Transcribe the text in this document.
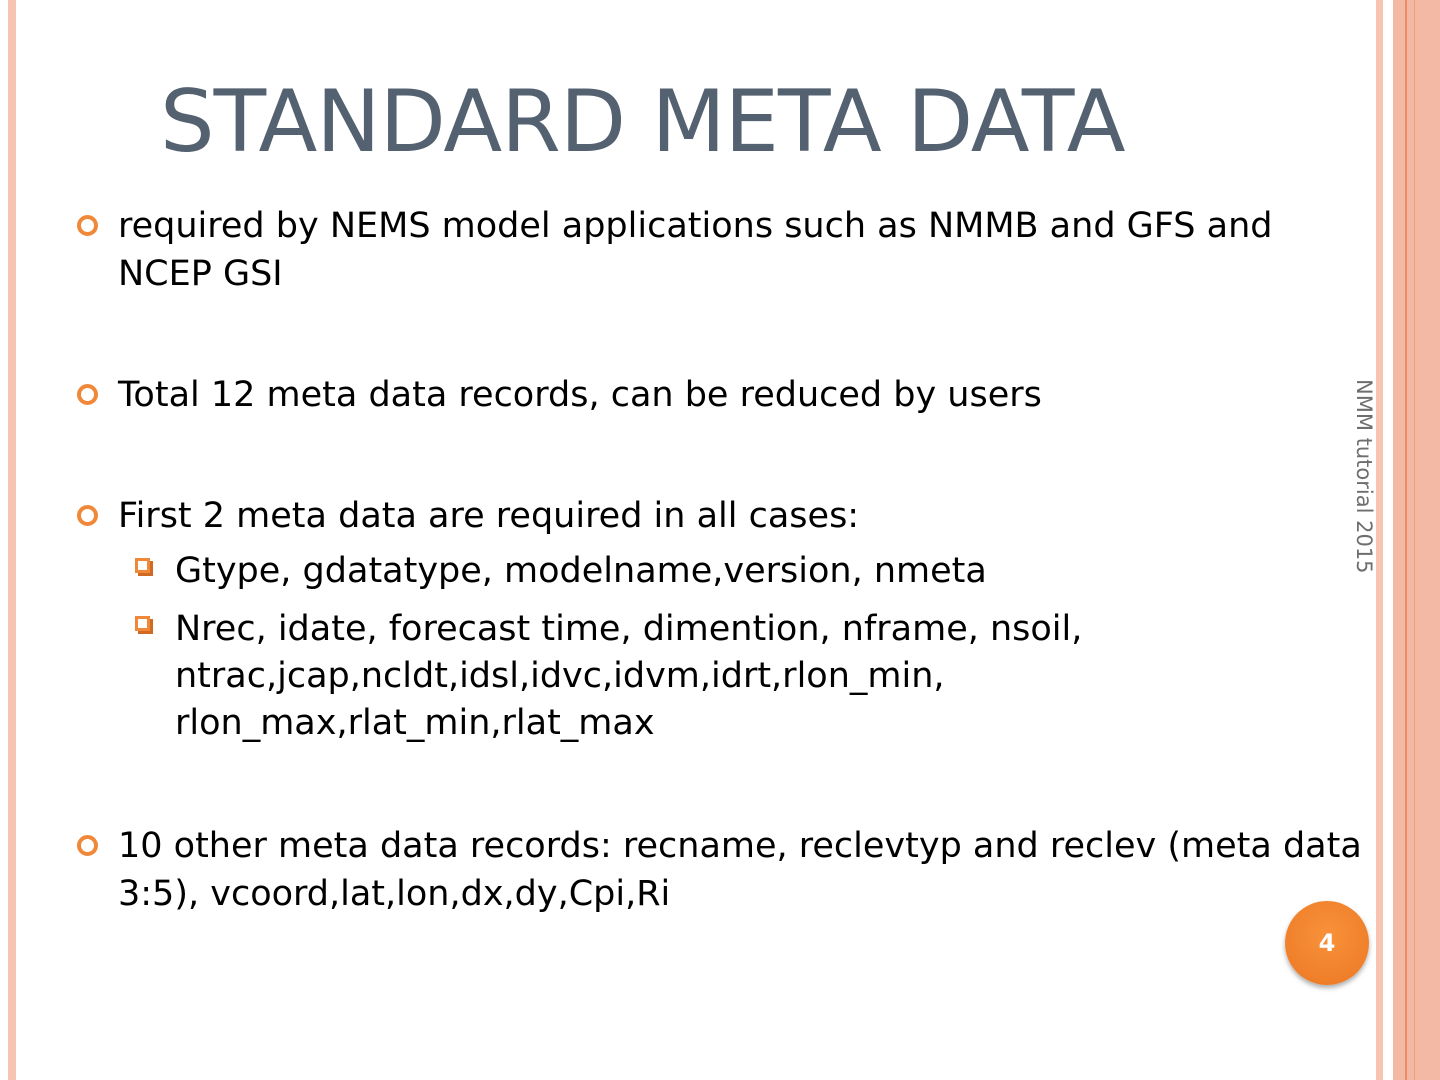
STANDARD META DATA
required by NEMS model applications such as NMMB and GFS and
NCEP GSI
Total 12 meta data records, can be reduced by users
First 2 meta data are required in all cases:
Gtype, gdatatype, modelname,version, nmeta
Nrec, idate, forecast time, dimention, nframe, nsoil,
ntrac,jcap,ncldt,idsl,idvc,idvm,idrt,rlon_min,
rlon_max,rlat_min,rlat_max
10 other meta data records: recname, reclevtyp and reclev (meta data
3:5), vcoord,lat,lon,dx,dy,Cpi,Ri
NMM tutorial 2015
4
